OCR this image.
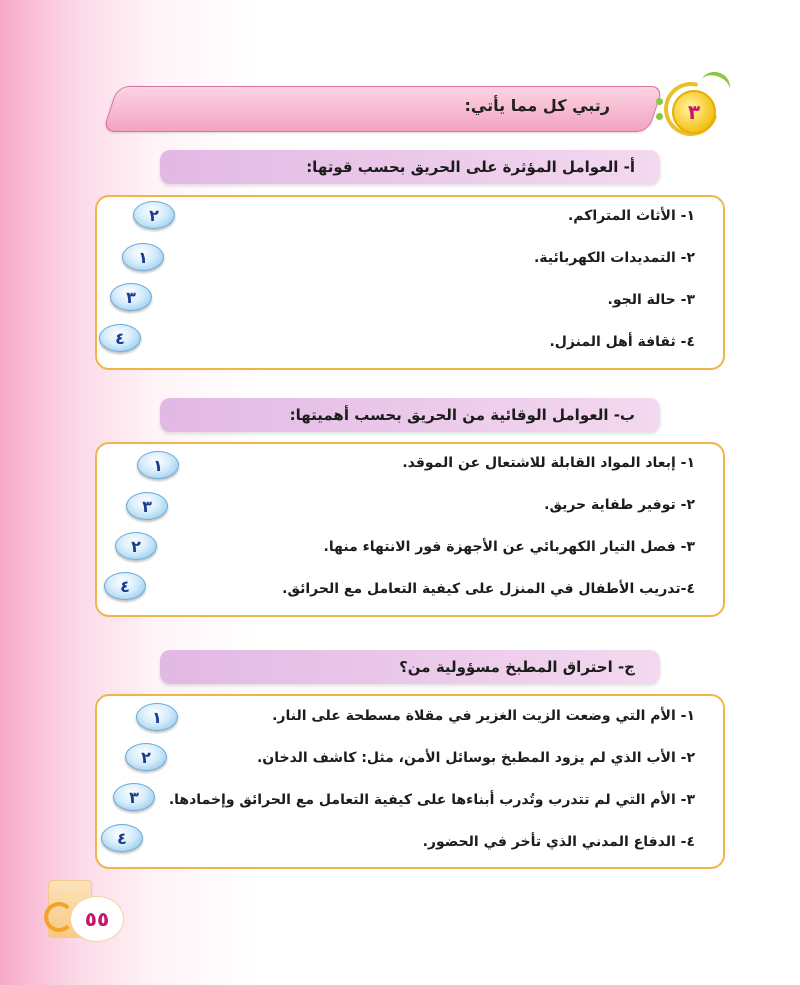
رتبي كل مما يأتي:	٣
أ- العوامل المؤثرة على الحريق بحسب قوتها:
١- الأثاث المتراكم.
٢- التمديدات الكهربائية.
٣- حالة الجو.
٤- ثقافة أهل المنزل.
٢
١
٣
٤
ب- العوامل الوقائية من الحريق بحسب أهميتها:
١- إبعاد المواد القابلة للاشتعال عن الموقد.
٢- توفير طفاية حريق.
٣- فصل التيار الكهربائي عن الأجهزة فور الانتهاء منها.
٤-تدريب الأطفال في المنزل على كيفية التعامل مع الحرائق.
١
٣
٢
٤
ج- احتراق المطبخ مسؤولية من؟
١- الأم التي وضعت الزيت الغزير في مقلاة مسطحة على النار.
٢- الأب الذي لم يزود المطبخ بوسائل الأمن، مثل: كاشف الدخان.
٣- الأم التي لم تتدرب وتُدرب أبناءها على كيفية التعامل مع الحرائق وإخمادها.
٤- الدفاع المدني الذي تأخر في الحضور.
١
٢
٣
٤
٥٥
